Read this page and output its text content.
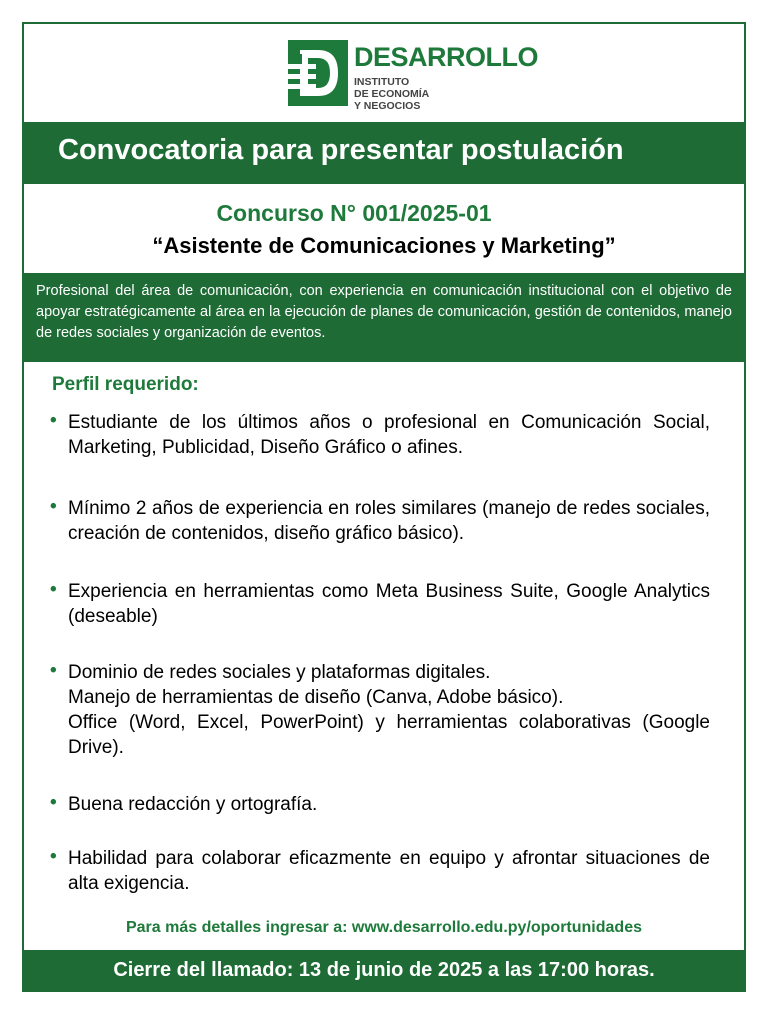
DESARROLLO
INSTITUTO
DE ECONOMÍA
Y NEGOCIOS
Convocatoria para presentar postulación
Concurso N° 001/2025-01
“Asistente de Comunicaciones y Marketing”

Profesional del área de comunicación, con experiencia en comunicación institucional con el objetivo de apoyar estratégicamente al área en la ejecución de planes de comunicación, gestión de contenidos, manejo de redes sociales y organización de eventos.

Perfil requerido:
• Estudiante de los últimos años o profesional en Comunicación Social, Marketing, Publicidad, Diseño Gráfico o afines.
• Mínimo 2 años de experiencia en roles similares (manejo de redes sociales, creación de contenidos, diseño gráfico básico).
• Experiencia en herramientas como Meta Business Suite, Google Analytics (deseable)
• Dominio de redes sociales y plataformas digitales.
Manejo de herramientas de diseño (Canva, Adobe básico).
Office (Word, Excel, PowerPoint) y herramientas colaborativas (Google Drive).
• Buena redacción y ortografía.
• Habilidad para colaborar eficazmente en equipo y afrontar situaciones de alta exigencia.
Para más detalles ingresar a: www.desarrollo.edu.py/oportunidades

Cierre del llamado: 13 de junio de 2025 a las 17:00 horas.
